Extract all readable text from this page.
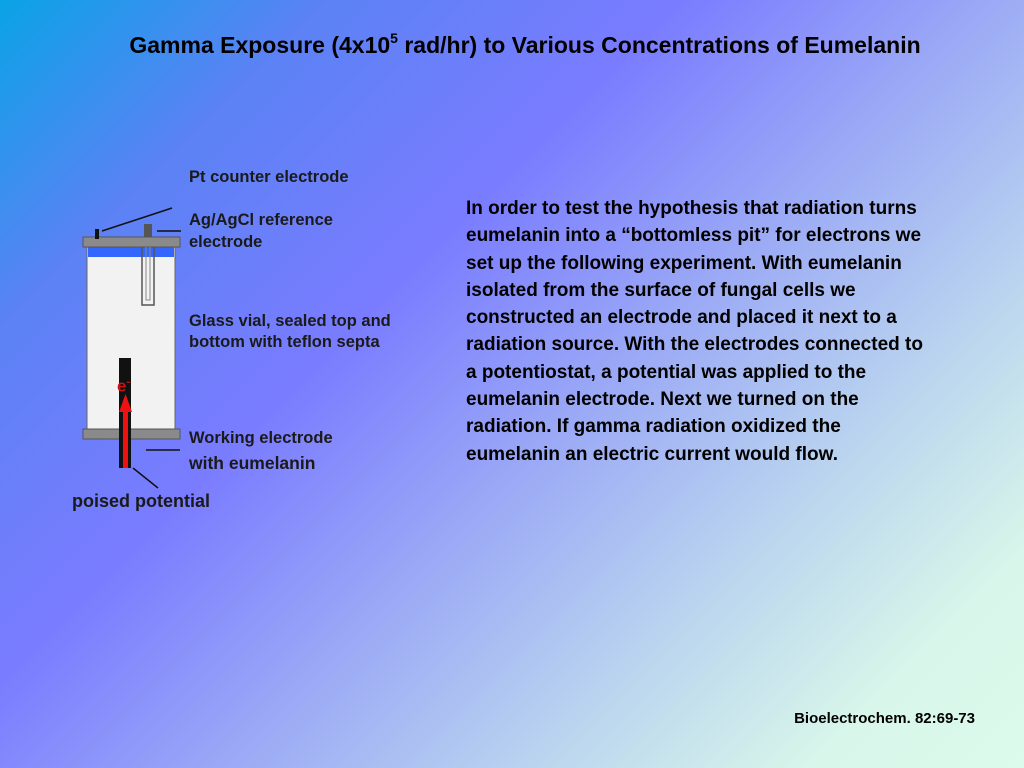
Gamma Exposure ($4x10^5$ rad/hr) to Various Concentrations of Eumelanin
e-
Pt counter electrode
Ag/AgCl reference
electrode
Glass vial, sealed top and
bottom with teflon septa
Working electrode
with eumelanin
poised potential

In order to test the hypothesis that radiation turns eumelanin into a “bottomless pit” for electrons we set up the following experiment. With eumelanin isolated from the surface of fungal cells we constructed an electrode and placed it next to a radiation source. With the electrodes connected to a potentiostat, a potential was applied to the eumelanin electrode. Next we turned on the radiation. If gamma radiation oxidized the eumelanin an electric current would flow.

Bioelectrochem. 82:69-73
